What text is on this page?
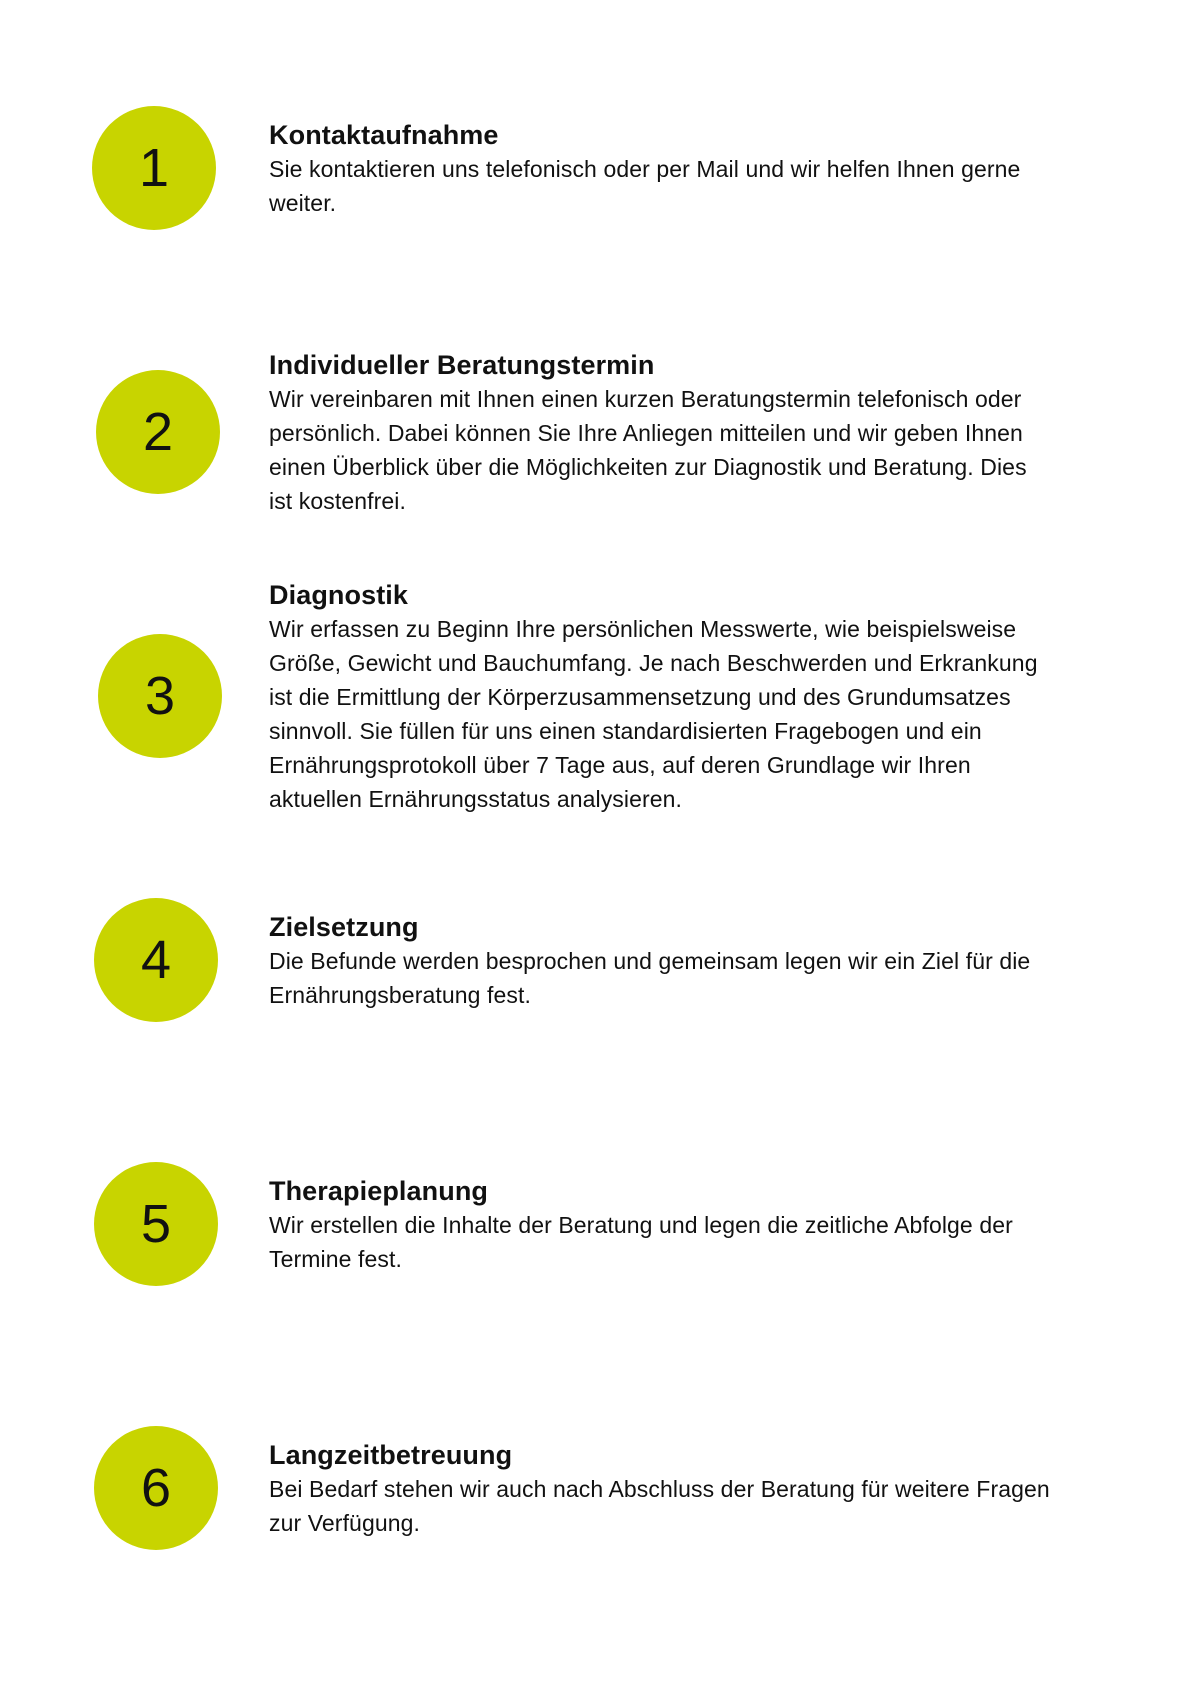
1

Kontaktaufnahme

Sie kontaktieren uns telefonisch oder per Mail und wir helfen Ihnen gerne

weiter.

2

Individueller Beratungstermin

Wir vereinbaren mit Ihnen einen kurzen Beratungstermin telefonisch oder

persönlich. Dabei können Sie Ihre Anliegen mitteilen und wir geben Ihnen

einen Überblick über die Möglichkeiten zur Diagnostik und Beratung. Dies

ist kostenfrei.

3

Diagnostik

Wir erfassen zu Beginn Ihre persönlichen Messwerte, wie beispielsweise

Größe, Gewicht und Bauchumfang. Je nach Beschwerden und Erkrankung

ist die Ermittlung der Körperzusammensetzung und des Grundumsatzes

sinnvoll. Sie füllen für uns einen standardisierten Fragebogen und ein

Ernährungsprotokoll über 7 Tage aus, auf deren Grundlage wir Ihren

aktuellen Ernährungsstatus analysieren.

4

Zielsetzung

Die Befunde werden besprochen und gemeinsam legen wir ein Ziel für die

Ernährungsberatung fest.

5

Therapieplanung

Wir erstellen die Inhalte der Beratung und legen die zeitliche Abfolge der

Termine fest.

6

Langzeitbetreuung

Bei Bedarf stehen wir auch nach Abschluss der Beratung für weitere Fragen

zur Verfügung.
